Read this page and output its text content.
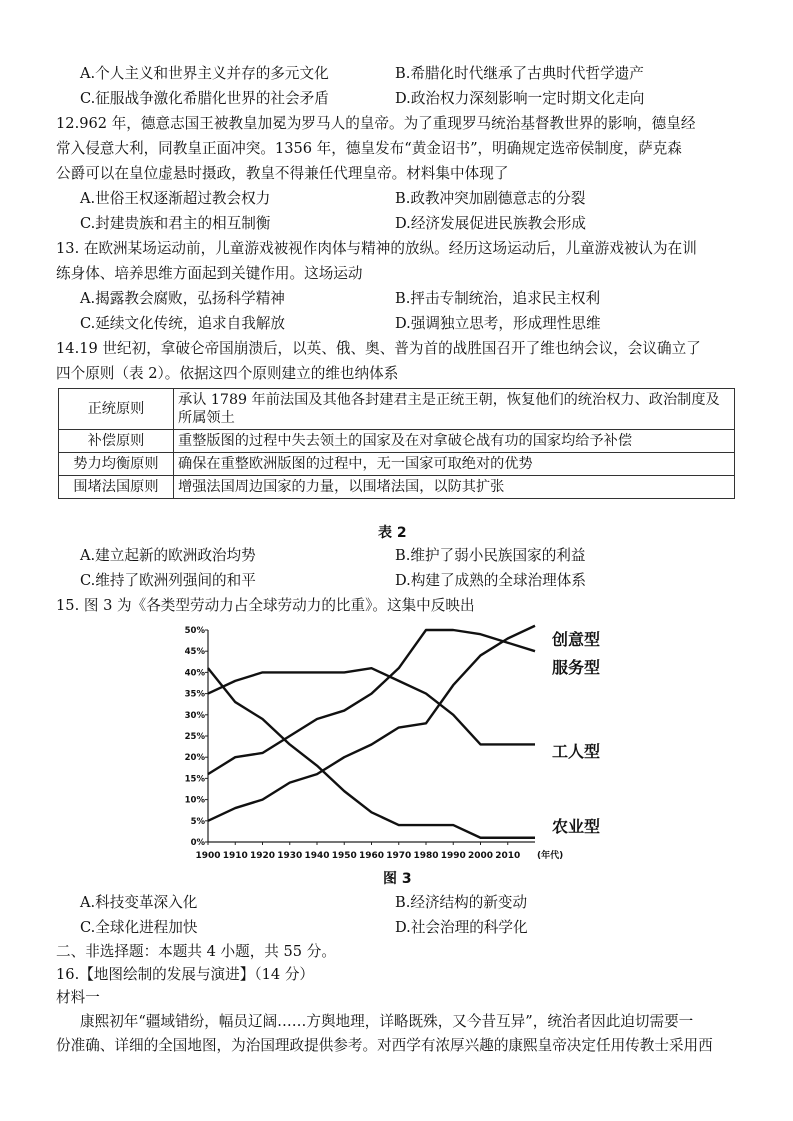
A.个人主义和世界主义并存的多元文化	B.希腊化时代继承了古典时代哲学遗产
C.征服战争激化希腊化世界的社会矛盾	D.政治权力深刻影响一定时期文化走向
12.962 年，德意志国王被教皇加冕为罗马人的皇帝。为了重现罗马统治基督教世界的影响，德皇经
常入侵意大利，同教皇正面冲突。1356 年，德皇发布“黄金诏书”，明确规定选帝侯制度，萨克森
公爵可以在皇位虚悬时摄政，教皇不得兼任代理皇帝。材料集中体现了
A.世俗王权逐渐超过教会权力	B.政教冲突加剧德意志的分裂
C.封建贵族和君主的相互制衡	D.经济发展促进民族教会形成
13. 在欧洲某场运动前，儿童游戏被视作肉体与精神的放纵。经历这场运动后，儿童游戏被认为在训
练身体、培养思维方面起到关键作用。这场运动
A.揭露教会腐败，弘扬科学精神	B.抨击专制统治，追求民主权利
C.延续文化传统，追求自我解放	D.强调独立思考，形成理性思维
14.19 世纪初，拿破仑帝国崩溃后，以英、俄、奥、普为首的战胜国召开了维也纳会议，会议确立了
四个原则（表 2）。依据这四个原则建立的维也纳体系
正统原则	承认 1789 年前法国及其他各封建君主是正统王朝，恢复他们的统治权力、政治制度及所属领土
补偿原则	重整版图的过程中失去领土的国家及在对拿破仑战有功的国家均给予补偿
势力均衡原则	确保在重整欧洲版图的过程中，无一国家可取绝对的优势
围堵法国原则	增强法国周边国家的力量，以围堵法国，以防其扩张
表 2
A.建立起新的欧洲政治均势	B.维护了弱小民族国家的利益
C.维持了欧洲列强间的和平	D.构建了成熟的全球治理体系
15. 图 3 为《各类型劳动力占全球劳动力的比重》。这集中反映出
0%
5%
10%
15%
20%
25%
30%
35%
40%
45%
50%
1900 1910 1920 1930 1940 1950 1960 1970 1980 1990 2000 2010 (年代)
创意型
服务型
工人型
农业型
图 3
A.科技变革深入化	B.经济结构的新变动
C.全球化进程加快	D.社会治理的科学化
二、非选择题：本题共 4 小题，共 55 分。
16.【地图绘制的发展与演进】（14 分）
材料一
康熙初年“疆域错纷，幅员辽阔……方舆地理，详略既殊，又今昔互异”，统治者因此迫切需要一
份准确、详细的全国地图，为治国理政提供参考。对西学有浓厚兴趣的康熙皇帝决定任用传教士采用西
